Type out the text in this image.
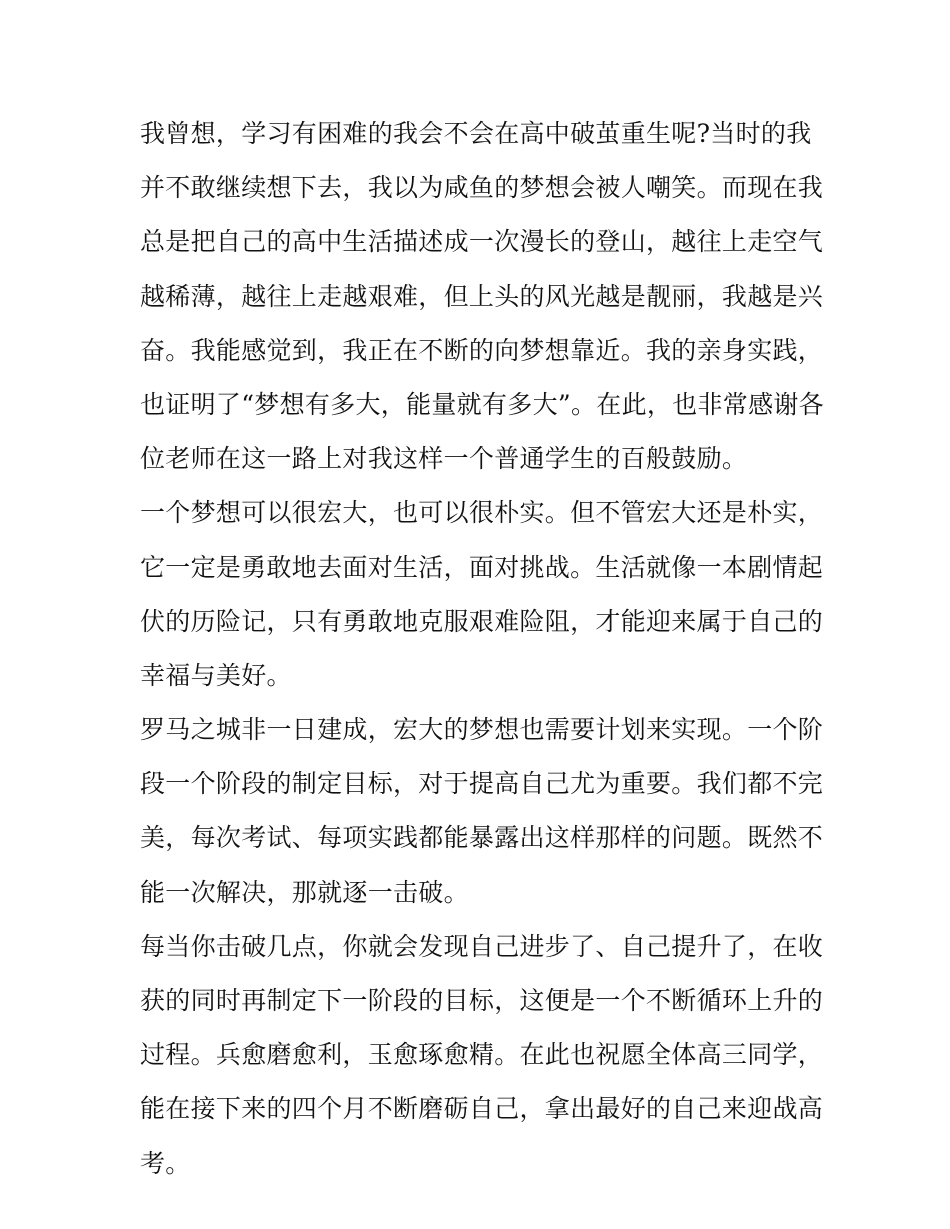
我曾想，学习有困难的我会不会在高中破茧重生呢?当时的我
并不敢继续想下去，我以为咸鱼的梦想会被人嘲笑。而现在我
总是把自己的高中生活描述成一次漫长的登山，越往上走空气
越稀薄，越往上走越艰难，但上头的风光越是靓丽，我越是兴
奋。我能感觉到，我正在不断的向梦想靠近。我的亲身实践，
也证明了“梦想有多大，能量就有多大”。在此，也非常感谢各
位老师在这一路上对我这样一个普通学生的百般鼓励。
一个梦想可以很宏大，也可以很朴实。但不管宏大还是朴实，
它一定是勇敢地去面对生活，面对挑战。生活就像一本剧情起
伏的历险记，只有勇敢地克服艰难险阻，才能迎来属于自己的
幸福与美好。
罗马之城非一日建成，宏大的梦想也需要计划来实现。一个阶
段一个阶段的制定目标，对于提高自己尤为重要。我们都不完
美，每次考试、每项实践都能暴露出这样那样的问题。既然不
能一次解决，那就逐一击破。
每当你击破几点，你就会发现自己进步了、自己提升了，在收
获的同时再制定下一阶段的目标，这便是一个不断循环上升的
过程。兵愈磨愈利，玉愈琢愈精。在此也祝愿全体高三同学，
能在接下来的四个月不断磨砺自己，拿出最好的自己来迎战高
考。
